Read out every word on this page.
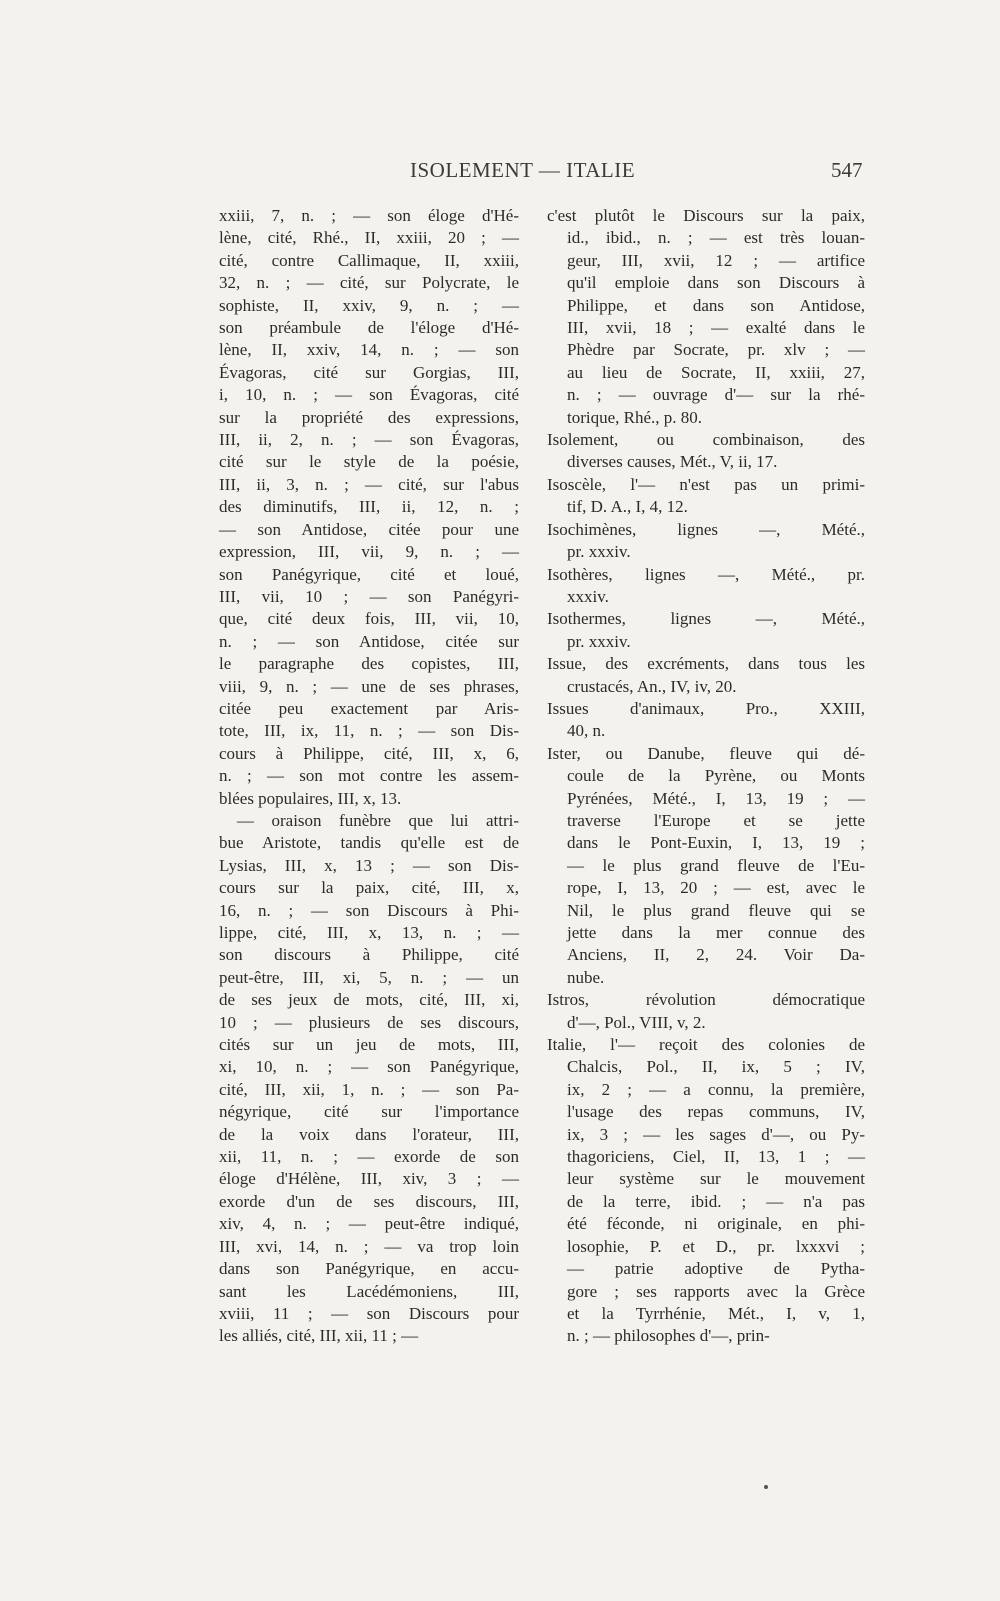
ISOLEMENT — ITALIE	547
xxiii, 7, n. ; — son éloge d'Hé-
lène, cité, Rhé., II, xxiii, 20 ; —
cité, contre Callimaque, II, xxiii,
32, n. ; — cité, sur Polycrate, le
sophiste, II, xxiv, 9, n. ; —
son préambule de l'éloge d'Hé-
lène, II, xxiv, 14, n. ; — son
Évagoras, cité sur Gorgias, III,
i, 10, n. ; — son Évagoras, cité
sur la propriété des expressions,
III, ii, 2, n. ; — son Évagoras,
cité sur le style de la poésie,
III, ii, 3, n. ; — cité, sur l'abus
des diminutifs, III, ii, 12, n. ;
— son Antidose, citée pour une
expression, III, vii, 9, n. ; —
son Panégyrique, cité et loué,
III, vii, 10 ; — son Panégyri-
que, cité deux fois, III, vii, 10,
n. ; — son Antidose, citée sur
le paragraphe des copistes, III,
viii, 9, n. ; — une de ses phrases,
citée peu exactement par Aris-
tote, III, ix, 11, n. ; — son Dis-
cours à Philippe, cité, III, x, 6,
n. ; — son mot contre les assem-
blées populaires, III, x, 13.
— oraison funèbre que lui attri-
bue Aristote, tandis qu'elle est de
Lysias, III, x, 13 ; — son Dis-
cours sur la paix, cité, III, x,
16, n. ; — son Discours à Phi-
lippe, cité, III, x, 13, n. ; —
son discours à Philippe, cité
peut-être, III, xi, 5, n. ; — un
de ses jeux de mots, cité, III, xi,
10 ; — plusieurs de ses discours,
cités sur un jeu de mots, III,
xi, 10, n. ; — son Panégyrique,
cité, III, xii, 1, n. ; — son Pa-
négyrique, cité sur l'importance
de la voix dans l'orateur, III,
xii, 11, n. ; — exorde de son
éloge d'Hélène, III, xiv, 3 ; —
exorde d'un de ses discours, III,
xiv, 4, n. ; — peut-être indiqué,
III, xvi, 14, n. ; — va trop loin
dans son Panégyrique, en accu-
sant les Lacédémoniens, III,
xviii, 11 ; — son Discours pour
les alliés, cité, III, xii, 11 ; —
c'est plutôt le Discours sur la paix,
id., ibid., n. ; — est très louan-
geur, III, xvii, 12 ; — artifice
qu'il emploie dans son Discours à
Philippe, et dans son Antidose,
III, xvii, 18 ; — exalté dans le
Phèdre par Socrate, pr. xlv ; —
au lieu de Socrate, II, xxiii, 27,
n. ; — ouvrage d'— sur la rhé-
torique, Rhé., p. 80.
Isolement, ou combinaison, des
diverses causes, Mét., V, ii, 17.
Isoscèle, l'— n'est pas un primi-
tif, D. A., I, 4, 12.
Isochimènes, lignes —, Mété.,
pr. xxxiv.
Isothères, lignes —, Mété., pr.
xxxiv.
Isothermes, lignes —, Mété.,
pr. xxxiv.
Issue, des excréments, dans tous les
crustacés, An., IV, iv, 20.
Issues d'animaux, Pro., XXIII,
40, n.
Ister, ou Danube, fleuve qui dé-
coule de la Pyrène, ou Monts
Pyrénées, Mété., I, 13, 19 ; —
traverse l'Europe et se jette
dans le Pont-Euxin, I, 13, 19 ;
— le plus grand fleuve de l'Eu-
rope, I, 13, 20 ; — est, avec le
Nil, le plus grand fleuve qui se
jette dans la mer connue des
Anciens, II, 2, 24. Voir Da-
nube.
Istros, révolution démocratique
d'—, Pol., VIII, v, 2.
Italie, l'— reçoit des colonies de
Chalcis, Pol., II, ix, 5 ; IV,
ix, 2 ; — a connu, la première,
l'usage des repas communs, IV,
ix, 3 ; — les sages d'—, ou Py-
thagoriciens, Ciel, II, 13, 1 ; —
leur système sur le mouvement
de la terre, ibid. ; — n'a pas
été féconde, ni originale, en phi-
losophie, P. et D., pr. lxxxvi ;
— patrie adoptive de Pytha-
gore ; ses rapports avec la Grèce
et la Tyrrhénie, Mét., I, v, 1,
n. ; — philosophes d'—, prin-
